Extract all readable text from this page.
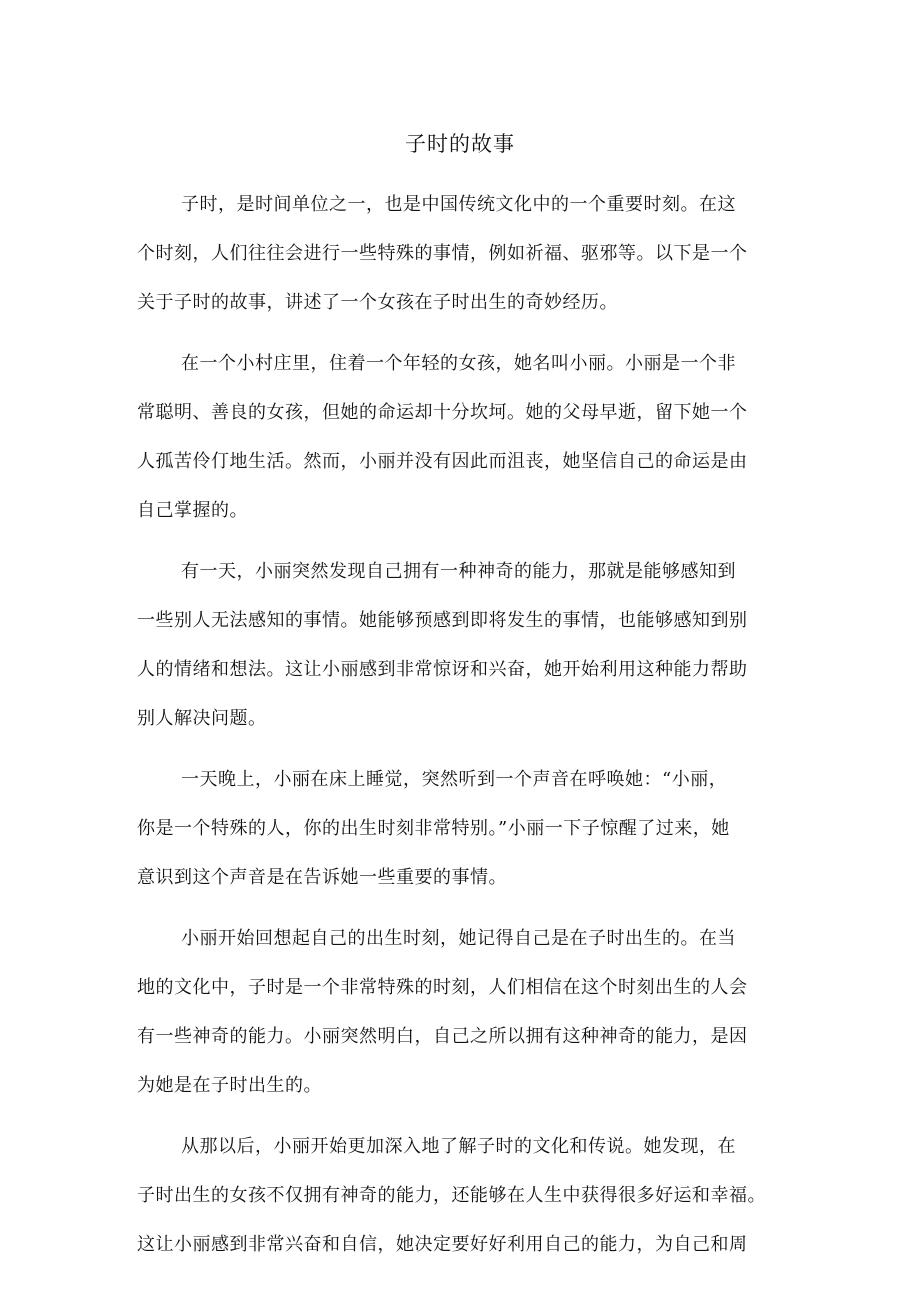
子时的故事
子时，是时间单位之一，也是中国传统文化中的一个重要时刻。在这
个时刻，人们往往会进行一些特殊的事情，例如祈福、驱邪等。以下是一个
关于子时的故事，讲述了一个女孩在子时出生的奇妙经历。
在一个小村庄里，住着一个年轻的女孩，她名叫小丽。小丽是一个非
常聪明、善良的女孩，但她的命运却十分坎坷。她的父母早逝，留下她一个
人孤苦伶仃地生活。然而，小丽并没有因此而沮丧，她坚信自己的命运是由
自己掌握的。
有一天，小丽突然发现自己拥有一种神奇的能力，那就是能够感知到
一些别人无法感知的事情。她能够预感到即将发生的事情，也能够感知到别
人的情绪和想法。这让小丽感到非常惊讶和兴奋，她开始利用这种能力帮助
别人解决问题。
一天晚上，小丽在床上睡觉，突然听到一个声音在呼唤她：“小丽，
你是一个特殊的人，你的出生时刻非常特别。”小丽一下子惊醒了过来，她
意识到这个声音是在告诉她一些重要的事情。
小丽开始回想起自己的出生时刻，她记得自己是在子时出生的。在当
地的文化中，子时是一个非常特殊的时刻，人们相信在这个时刻出生的人会
有一些神奇的能力。小丽突然明白，自己之所以拥有这种神奇的能力，是因
为她是在子时出生的。
从那以后，小丽开始更加深入地了解子时的文化和传说。她发现，在
子时出生的女孩不仅拥有神奇的能力，还能够在人生中获得很多好运和幸福。
这让小丽感到非常兴奋和自信，她决定要好好利用自己的能力，为自己和周
